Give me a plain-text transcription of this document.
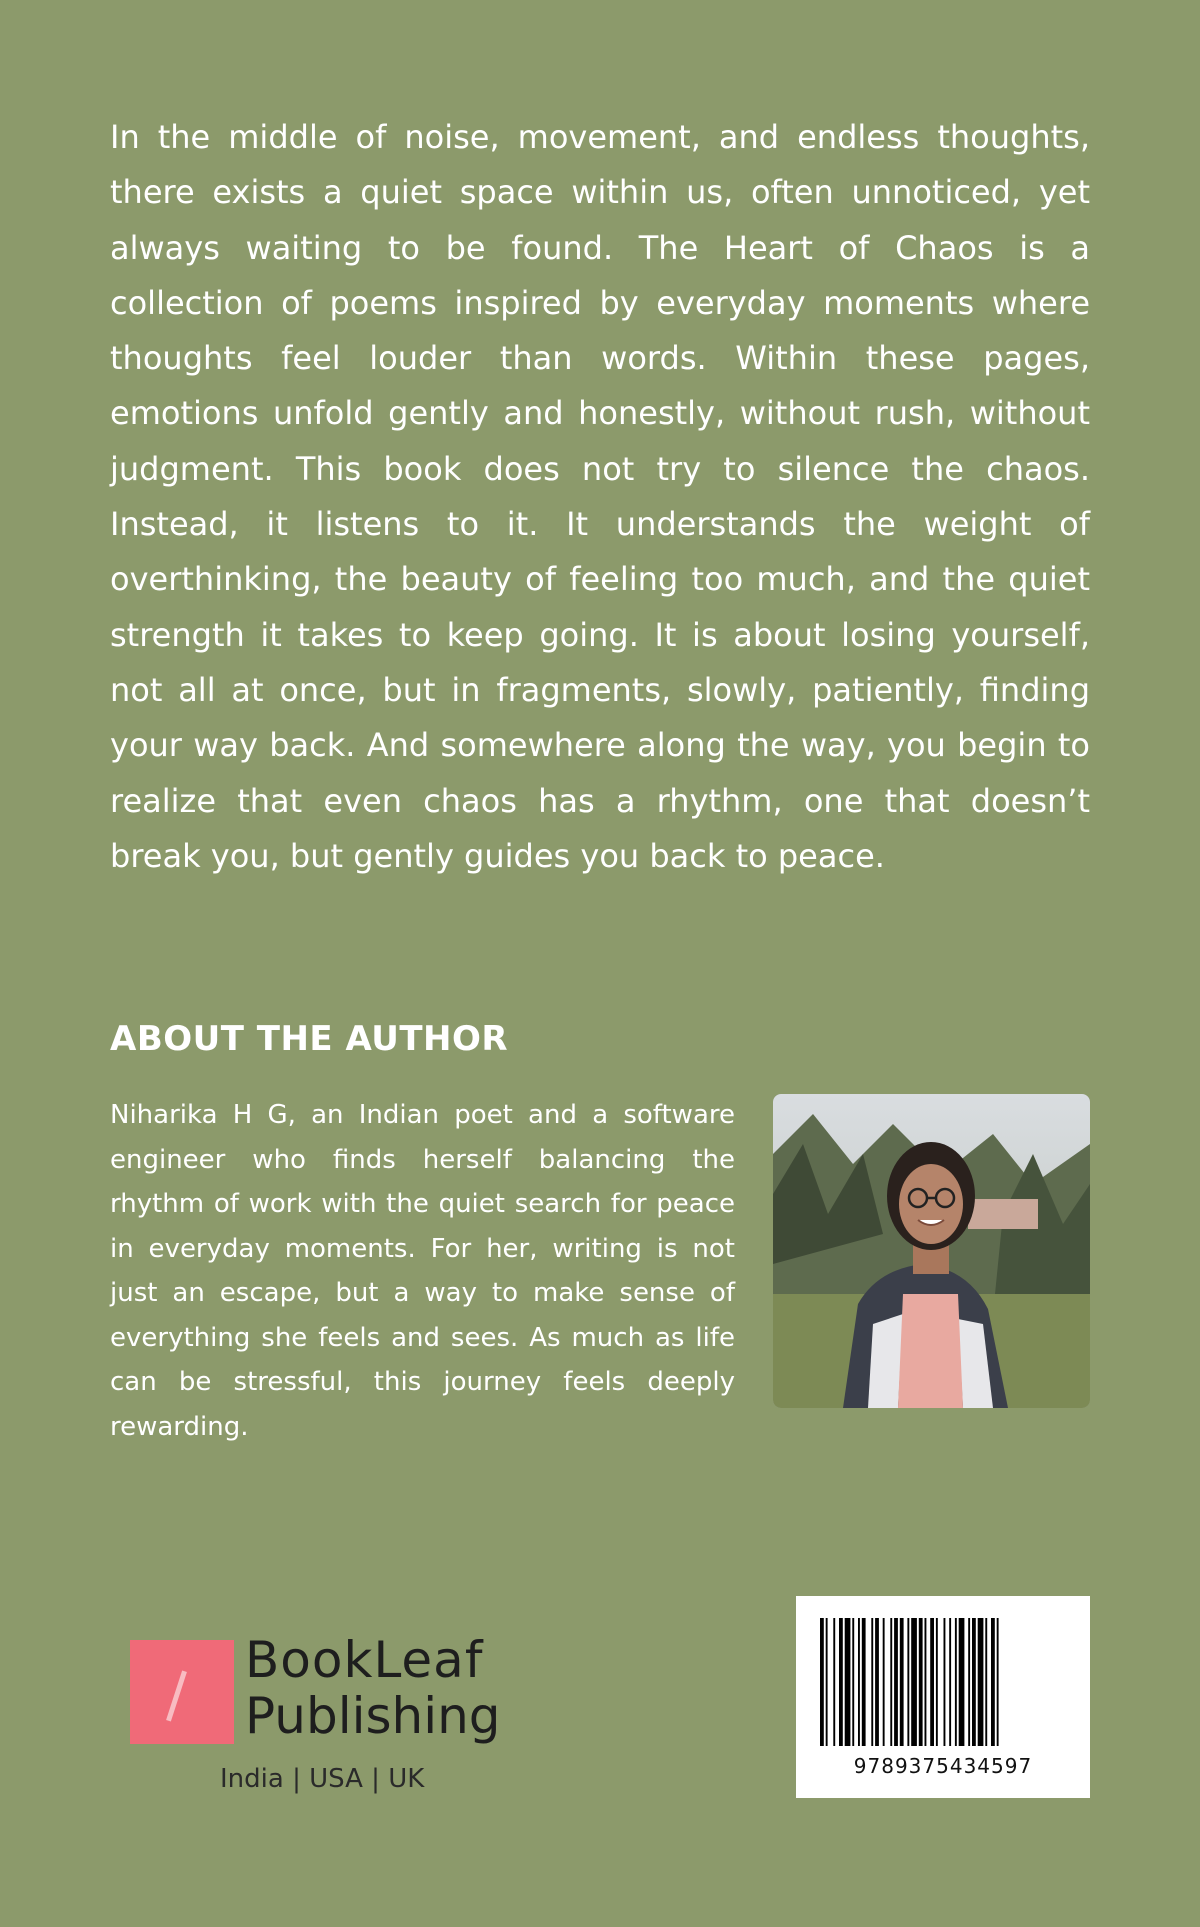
In the middle of noise, movement, and endless thoughts, there exists a quiet space within us, often unnoticed, yet always waiting to be found. The Heart of Chaos is a collection of poems inspired by everyday moments where thoughts feel louder than words. Within these pages, emotions unfold gently and honestly, without rush, without judgment. This book does not try to silence the chaos. Instead, it listens to it. It understands the weight of overthinking, the beauty of feeling too much, and the quiet strength it takes to keep going. It is about losing yourself, not all at once, but in fragments, slowly, patiently, finding your way back. And somewhere along the way, you begin to realize that even chaos has a rhythm, one that doesn’t break you, but gently guides you back to peace.

ABOUT THE AUTHOR

Niharika H G, an Indian poet and a software engineer who finds herself balancing the rhythm of work with the quiet search for peace in everyday moments. For her, writing is not just an escape, but a way to make sense of everything she feels and sees. As much as life can be stressful, this journey feels deeply rewarding.

BookLeaf

Publishing

India | USA | UK	9789375434597
